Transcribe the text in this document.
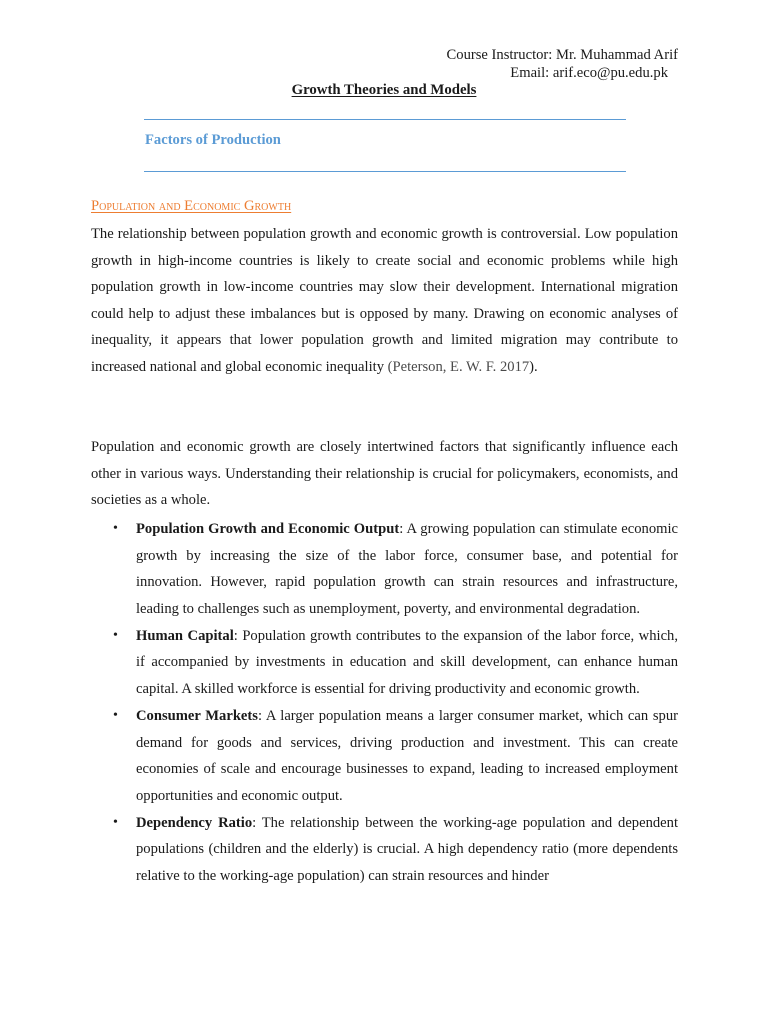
Course Instructor: Mr. Muhammad Arif
Email: arif.eco@pu.edu.pk
Growth Theories and Models
Factors of Production
Population and Economic Growth

The relationship between population growth and economic growth is controversial. Low population growth in high-income countries is likely to create social and economic problems while high population growth in low-income countries may slow their development. International migration could help to adjust these imbalances but is opposed by many. Drawing on economic analyses of inequality, it appears that lower population growth and limited migration may contribute to increased national and global economic inequality (Peterson, E. W. F. 2017).

Population and economic growth are closely intertwined factors that significantly influence each other in various ways. Understanding their relationship is crucial for policymakers, economists, and societies as a whole.

• Population Growth and Economic Output: A growing population can stimulate economic growth by increasing the size of the labor force, consumer base, and potential for innovation. However, rapid population growth can strain resources and infrastructure, leading to challenges such as unemployment, poverty, and environmental degradation.
• Human Capital: Population growth contributes to the expansion of the labor force, which, if accompanied by investments in education and skill development, can enhance human capital. A skilled workforce is essential for driving productivity and economic growth.
• Consumer Markets: A larger population means a larger consumer market, which can spur demand for goods and services, driving production and investment. This can create economies of scale and encourage businesses to expand, leading to increased employment opportunities and economic output.
• Dependency Ratio: The relationship between the working-age population and dependent populations (children and the elderly) is crucial. A high dependency ratio (more dependents relative to the working-age population) can strain resources and hinder
